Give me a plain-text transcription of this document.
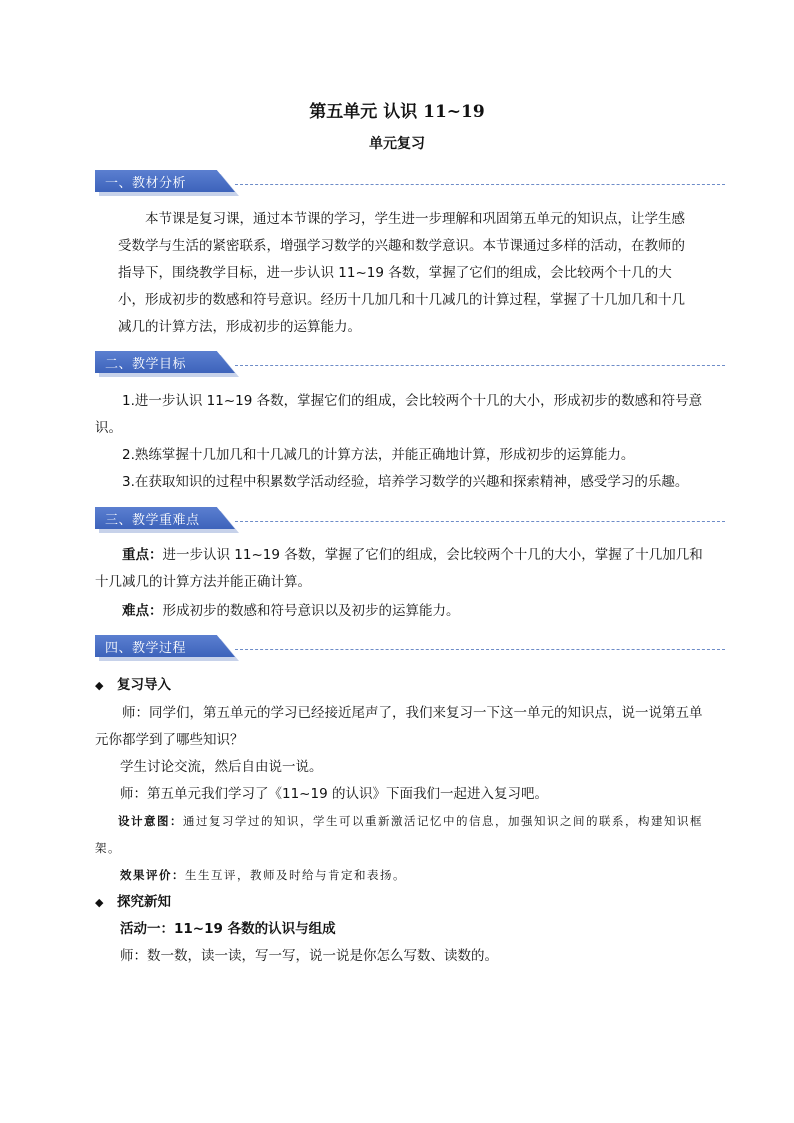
第五单元 认识 11~19
单元复习
一、教材分析

本节课是复习课，通过本节课的学习，学生进一步理解和巩固第五单元的知识点，让学生感受数学与生活的紧密联系，增强学习数学的兴趣和数学意识。本节课通过多样的活动，在教师的指导下，围绕教学目标，进一步认识 11~19 各数，掌握了它们的组成，会比较两个十几的大小，形成初步的数感和符号意识。经历十几加几和十几减几的计算过程，掌握了十几加几和十几减几的计算方法，形成初步的运算能力。

二、教学目标

1.进一步认识 11~19 各数，掌握它们的组成，会比较两个十几的大小，形成初步的数感和符号意识。

2.熟练掌握十几加几和十几减几的计算方法，并能正确地计算，形成初步的运算能力。

3.在获取知识的过程中积累数学活动经验，培养学习数学的兴趣和探索精神，感受学习的乐趣。

三、教学重难点

重点：进一步认识 11~19 各数，掌握了它们的组成，会比较两个十几的大小，掌握了十几加几和十几减几的计算方法并能正确计算。

难点：形成初步的数感和符号意识以及初步的运算能力。

四、教学过程

◆ 复习导入

师：同学们，第五单元的学习已经接近尾声了，我们来复习一下这一单元的知识点，说一说第五单元你都学到了哪些知识？

学生讨论交流，然后自由说一说。

师：第五单元我们学习了《11~19 的认识》下面我们一起进入复习吧。

设计意图：通过复习学过的知识，学生可以重新激活记忆中的信息，加强知识之间的联系，构建知识框架。

效果评价：生生互评，教师及时给与肯定和表扬。

◆ 探究新知

活动一：11~19 各数的认识与组成

师：数一数，读一读，写一写，说一说是你怎么写数、读数的。
